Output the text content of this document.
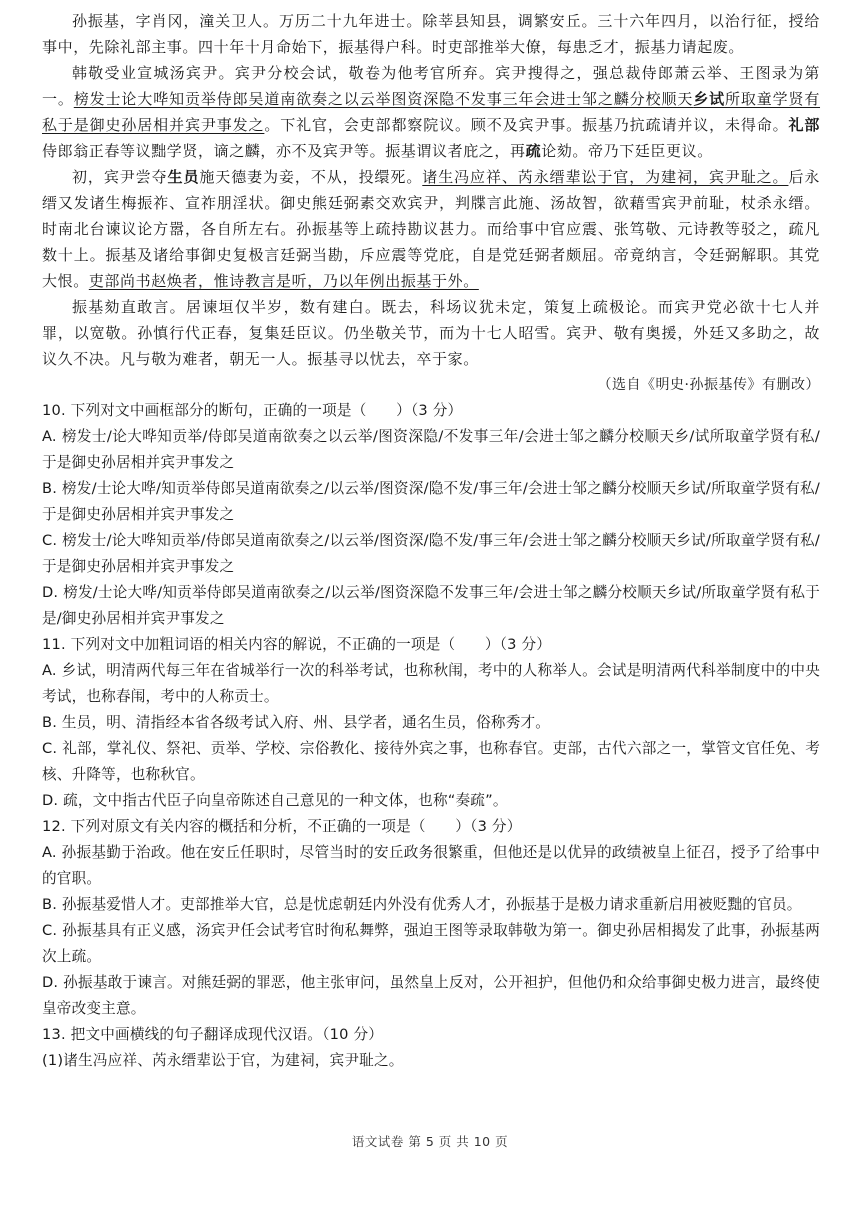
孙振基，字肖冈，潼关卫人。万历二十九年进士。除莘县知县，调繁安丘。三十六年四月，以治行征，授给事中，先除礼部主事。四十年十月命始下，振基得户科。时吏部推举大僚，每患乏才，振基力请起废。

韩敬受业宣城汤宾尹。宾尹分校会试，敬卷为他考官所弃。宾尹搜得之，强总裁侍郎萧云举、王图录为第一。榜发士论大哗知贡举侍郎吴道南欲奏之以云举图资深隐不发事三年会进士邹之麟分校顺天乡试所取童学贤有私于是御史孙居相并宾尹事发之。下礼官，会吏部都察院议。顾不及宾尹事。振基乃抗疏请并议，未得命。礼部侍郎翁正春等议黜学贤，谪之麟，亦不及宾尹等。振基谓议者庇之，再疏论劾。帝乃下廷臣更议。

初，宾尹尝夺生员施天德妻为妾，不从，投缳死。诸生冯应祥、芮永缙辈讼于官，为建祠，宾尹耻之。后永缙又发诸生梅振祚、宣祚朋淫状。御史熊廷弼素交欢宾尹，判牒言此施、汤故智，欲藉雪宾尹前耻，杖杀永缙。时南北台谏议论方嚣，各自所左右。孙振基等上疏持勘议甚力。而给事中官应震、张笃敬、元诗教等驳之，疏凡数十上。振基及诸给事御史复极言廷弼当勘，斥应震等党庇，自是党廷弼者颇屈。帝竟纳言，令廷弼解职。其党大恨。吏部尚书赵焕者，惟诗教言是听，乃以年例出振基于外。

振基劾直敢言。居谏垣仅半岁，数有建白。既去，科场议犹未定，策复上疏极论。而宾尹党必欲十七人并罪，以宽敬。孙慎行代正春，复集廷臣议。仍坐敬关节，而为十七人昭雪。宾尹、敬有奥援，外廷又多助之，故议久不决。凡与敬为难者，朝无一人。振基寻以忧去，卒于家。

（选自《明史·孙振基传》有删改）

10. 下列对文中画框部分的断句，正确的一项是（　　）（3 分）

A. 榜发士/论大哗知贡举/侍郎吴道南欲奏之以云举/图资深隐/不发事三年/会进士邹之麟分校顺天乡/试所取童学贤有私/于是御史孙居相并宾尹事发之

B. 榜发/士论大哗/知贡举侍郎吴道南欲奏之/以云举/图资深/隐不发/事三年/会进士邹之麟分校顺天乡试/所取童学贤有私/于是御史孙居相并宾尹事发之

C. 榜发士/论大哗知贡举/侍郎吴道南欲奏之/以云举/图资深/隐不发/事三年/会进士邹之麟分校顺天乡试/所取童学贤有私/于是御史孙居相并宾尹事发之

D. 榜发/士论大哗/知贡举侍郎吴道南欲奏之/以云举/图资深隐不发事三年/会进士邹之麟分校顺天乡试/所取童学贤有私于是/御史孙居相并宾尹事发之

11. 下列对文中加粗词语的相关内容的解说，不正确的一项是（　　）（3 分）

A. 乡试，明清两代每三年在省城举行一次的科举考试，也称秋闱，考中的人称举人。会试是明清两代科举制度中的中央考试，也称春闱，考中的人称贡士。

B. 生员，明、清指经本省各级考试入府、州、县学者，通名生员，俗称秀才。

C. 礼部，掌礼仪、祭祀、贡举、学校、宗俗教化、接待外宾之事，也称春官。吏部，古代六部之一，掌管文官任免、考核、升降等，也称秋官。

D. 疏，文中指古代臣子向皇帝陈述自己意见的一种文体，也称“奏疏”。

12. 下列对原文有关内容的概括和分析，不正确的一项是（　　）（3 分）

A. 孙振基勤于治政。他在安丘任职时，尽管当时的安丘政务很繁重，但他还是以优异的政绩被皇上征召，授予了给事中的官职。

B. 孙振基爱惜人才。吏部推举大官，总是忧虑朝廷内外没有优秀人才，孙振基于是极力请求重新启用被贬黜的官员。

C. 孙振基具有正义感，汤宾尹任会试考官时徇私舞弊，强迫王图等录取韩敬为第一。御史孙居相揭发了此事，孙振基两次上疏。

D. 孙振基敢于谏言。对熊廷弼的罪恶，他主张审问，虽然皇上反对，公开袒护，但他仍和众给事御史极力进言，最终使皇帝改变主意。

13. 把文中画横线的句子翻译成现代汉语。（10 分）

(1)诸生冯应祥、芮永缙辈讼于官，为建祠，宾尹耻之。

语文试卷 第 5 页 共 10 页
